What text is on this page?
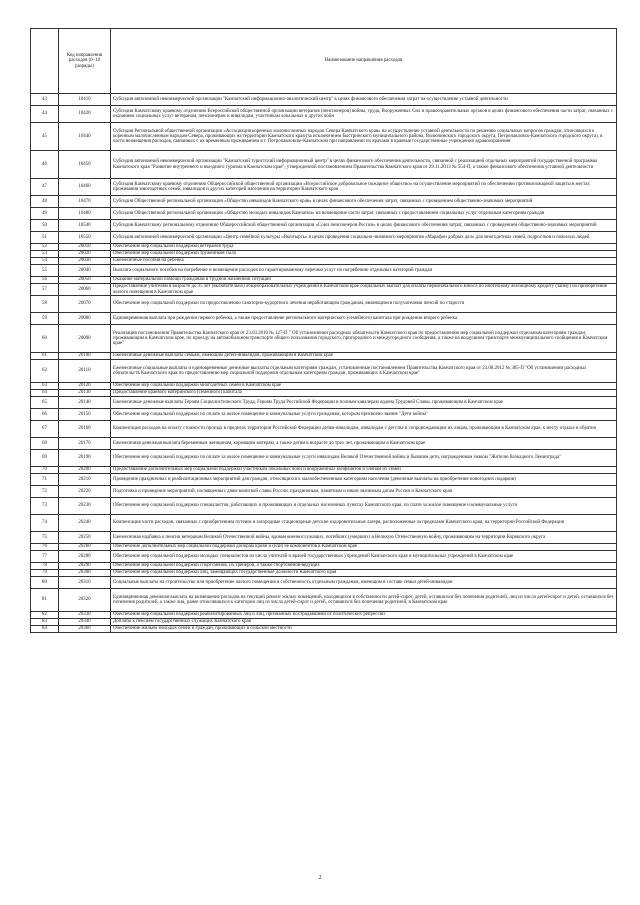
	Код направления расходов (6–10 разряды)	Наименование направления расходов
43	10410	Субсидия автономной некоммерческой организации "Камчатский информационно-аналитический центр" в целях финансового обеспечения затрат на осуществление уставной деятельности
44	10420	Субсидия Камчатскому краевому отделению Всероссийской общественной организации ветеранов (пенсионеров) войны, труда, Вооруженных Сил и правоохранительных органов в целях финансового обеспечения части затрат, связанных с оказанием социальных услуг ветеранам, пенсионерам и инвалидам, участникам локальных и других войн
45	10440	Субсидия Региональной общественной организации «Ассоциация коренных малочисленных народов Севера Камчатского края» на осуществление уставной деятельности по решению социальных вопросов граждан, относящихся к коренным малочисленным народам Севера, проживающих на территории Камчатского края (за исключением Быстринского муниципального района, Вилючинского городского округа, Петропавловск-Камчатского городского округа), в части возмещения расходов, связанных с их временным проживанием в г. Петропавловске-Камчатском при направлении их врачами в краевые государственные учреждения здравоохранения
46	10450	Субсидия автономной некоммерческой организации "Камчатский туристский информационный центр" в целях финансового обеспечения деятельности, связанной с реализацией отдельных мероприятий государственной программы Камчатского края "Развитие внутреннего и въездного туризма в Камчатском крае", утвержденной постановлением Правительства Камчатского края от 29.11.2013 № 554-П, а также финансового обеспечения уставной деятельности
47	10460	Субсидия Камчатскому краевому отделению Общероссийской общественной организации «Всероссийское добровольное пожарное общество» на осуществление мероприятий по обеспечению противопожарной защиты в местах проживания многодетных семей, инвалидов и других категорий населения на территории Камчатского края
48	10470	Субсидия Общественной региональной организации «Общество инвалидов Камчатского края» в целях финансового обеспечения затрат, связанных с проведением общественно-значимых мероприятий
49	10480	Субсидия Общественной региональной организации «Общество молодых инвалидов Камчатки» на возмещение части затрат, связанных с предоставлением социальных услуг отдельным категориям граждан
50	10540	Субсидия Камчатскому региональному отделению Общероссийской общественной организации «Союз пенсионеров России» в целях финансового обеспечения затрат, связанных с проведением общественно-значимых мероприятий
51	10550	Субсидия автономной некоммерческой организации «Центр семейной культуры «Вычтырть» в целях проведения социально-значимого мероприятия «Марафон добрых дел» для многодетных семей, подростков и пожилых людей
52	20010	Обеспечение мер социальной поддержки ветеранов труда
53	20020	Обеспечение мер социальной поддержки тружеников тыла
54	20030	Ежемесячные пособия на ребенка
55	20040	Выплата социального пособия на погребение и возмещение расходов по гарантированному перечню услуг по погребению отдельных категорий граждан
56	20050	Оказание материальной помощи гражданам в трудной жизненной ситуации
57	20060	Предоставление учителям в возрасте до 35 лет (включительно) общеобразовательных учреждений в Камчатском крае социальных выплат для оплаты первоначального взноса по ипотечному жилищному кредиту (займу) на приобретение жилого помещения в Камчатском крае
58	20070	Обеспечение мер социальной поддержки по предоставлению санаторно-курортного лечения неработающим гражданам, являющимся получателями пенсий по старости
59	20080	Единовременная выплата при рождении первого ребенка, а также предоставление регионального материнского (семейного) капитала при рождении второго ребенка
60	20090	Реализация постановления Правительства Камчатского края от 23.03.2010 № 127-П " Об установлении расходных обязательств Камчатского края по предоставлению мер социальной поддержки отдельным категориям граждан, проживающим в Камчатском крае, по проезду на автомобильном транспорте общего пользования городского, пригородного и междугородного сообщения, а также на воздушном транспорте межмуниципального сообщения в Камчатском крае"
61	20100	Ежемесячные денежные выплаты семьям, имеющим детей-инвалидов, проживающим в Камчатском крае
62	20110	Ежемесячные социальные выплаты и единовременные денежные выплаты отдельным категориям граждан, установленные постановлением Правительства Камчатского края от 23.08.2012 № 385-П "Об установлении расходных обязательств Камчатского края по предоставлению мер социальной поддержки отдельным категориям граждан, проживающих в Камчатском крае"
63	20120	Обеспечение мер социальной поддержки многодетных семей в Камчатском крае
64	20130	Предоставление краевого материнского (семейного) капитала
65	20140	Ежемесячные денежные выплаты Героям Социалистического Труда, Героям Труда Российской Федерации и полным кавалерам ордена Трудовой Славы, проживающим в Камчатском крае
66	20150	Обеспечение мер социальной поддержки по оплате за жилое помещение и коммунальные услуги гражданам, которым присвоено звание "Дети войны"
67	20160	Компенсация расходов на оплату стоимости проезда в пределах территории Российской Федерации детям-инвалидам, инвалидам с детства и сопровождающим их лицам, проживающим в Камчатском крае, к месту отдыха и обратно
68	20170	Ежемесячная денежная выплата беременным женщинам, кормящим матерям, а также детям в возрасте до трех лет, проживающим в Камчатском крае
69	20190	Обеспечение мер социальной поддержки по оплате за жилое помещение и коммунальные услуги инвалидам Великой Отечественной войны и бывшим дети, награжденным знаком "Жителю блокадного Ленинграда"
70	20200	Предоставление дополнительных мер социальной поддержки участникам локальных войн и вооруженных конфликтов и членам их семей
71	20210	Проведение праздничных и реабилитационных мероприятий для граждан, относящихся к малообеспеченным категориям населения (денежные выплаты на приобретение новогодних подарков)
72	20220	Подготовка и проведение мероприятий, посвященных дням воинской славы России, праздничным, памятным и иным значимым датам России и Камчатского края
73	20230	Обеспечение мер социальной поддержки специалистов, работающих и проживающих в отдельных населенных пунктах Камчатского края, по плате за жилое помещение и коммунальные услуги
74	20240	Компенсация части расходов, связанных с приобретением путевок в загородные стационарные детские оздоровительные лагеря, расположенные за пределами Камчатского края, на территории Российской Федерации
75	20250	Ежемесячная надбавка к пенсии ветеранам Великой Отечественной войны, вдовам военнослужащих, погибших (умерших) в Великую Отечественную войну, проживающим на территории Корякского округа
76	20260	Обеспечение дополнительных мер социальной поддержки донорам крови и (или) ее компонентов в Камчатском крае
77	20280	Обеспечение мер социальной поддержки молодых специалистов из числа учителей и врачей государственных учреждений Камчатского края и муниципальных учреждений в Камчатском крае
78	20290	Обеспечение мер социальной поддержки спортсменов, их тренеров, а также спортсменов-ведущих
79	20300	Обеспечение мер социальной поддержки лиц, замещающих государственные должности Камчатского края
80	20310	Социальные выплаты на строительство или приобретение жилого помещения в собственность отдельным гражданам, имеющим в составе семьи детей-инвалидов
81	20320	Единовременная денежная выплата на возмещение расходов на текущий ремонт жилых помещений, находящихся в собственности детей-сирот, детей, оставшихся без попечения родителей, лиц из числа детей-сирот и детей, оставшихся без попечения родителей, а также лиц, ранее относившихся к категории лиц из числа детей-сирот и детей, оставшихся без попечения родителей, в Камчатском крае
82	20330	Обеспечение мер социальной поддержки реабилитированных лиц и лиц, признанных пострадавшими от политических репрессий
83	20340	Доплаты к пенсиям государственных служащих Камчатского края
84	20360	Обеспечение жильем молодых семей и граждан, проживающих в сельской местности
2
